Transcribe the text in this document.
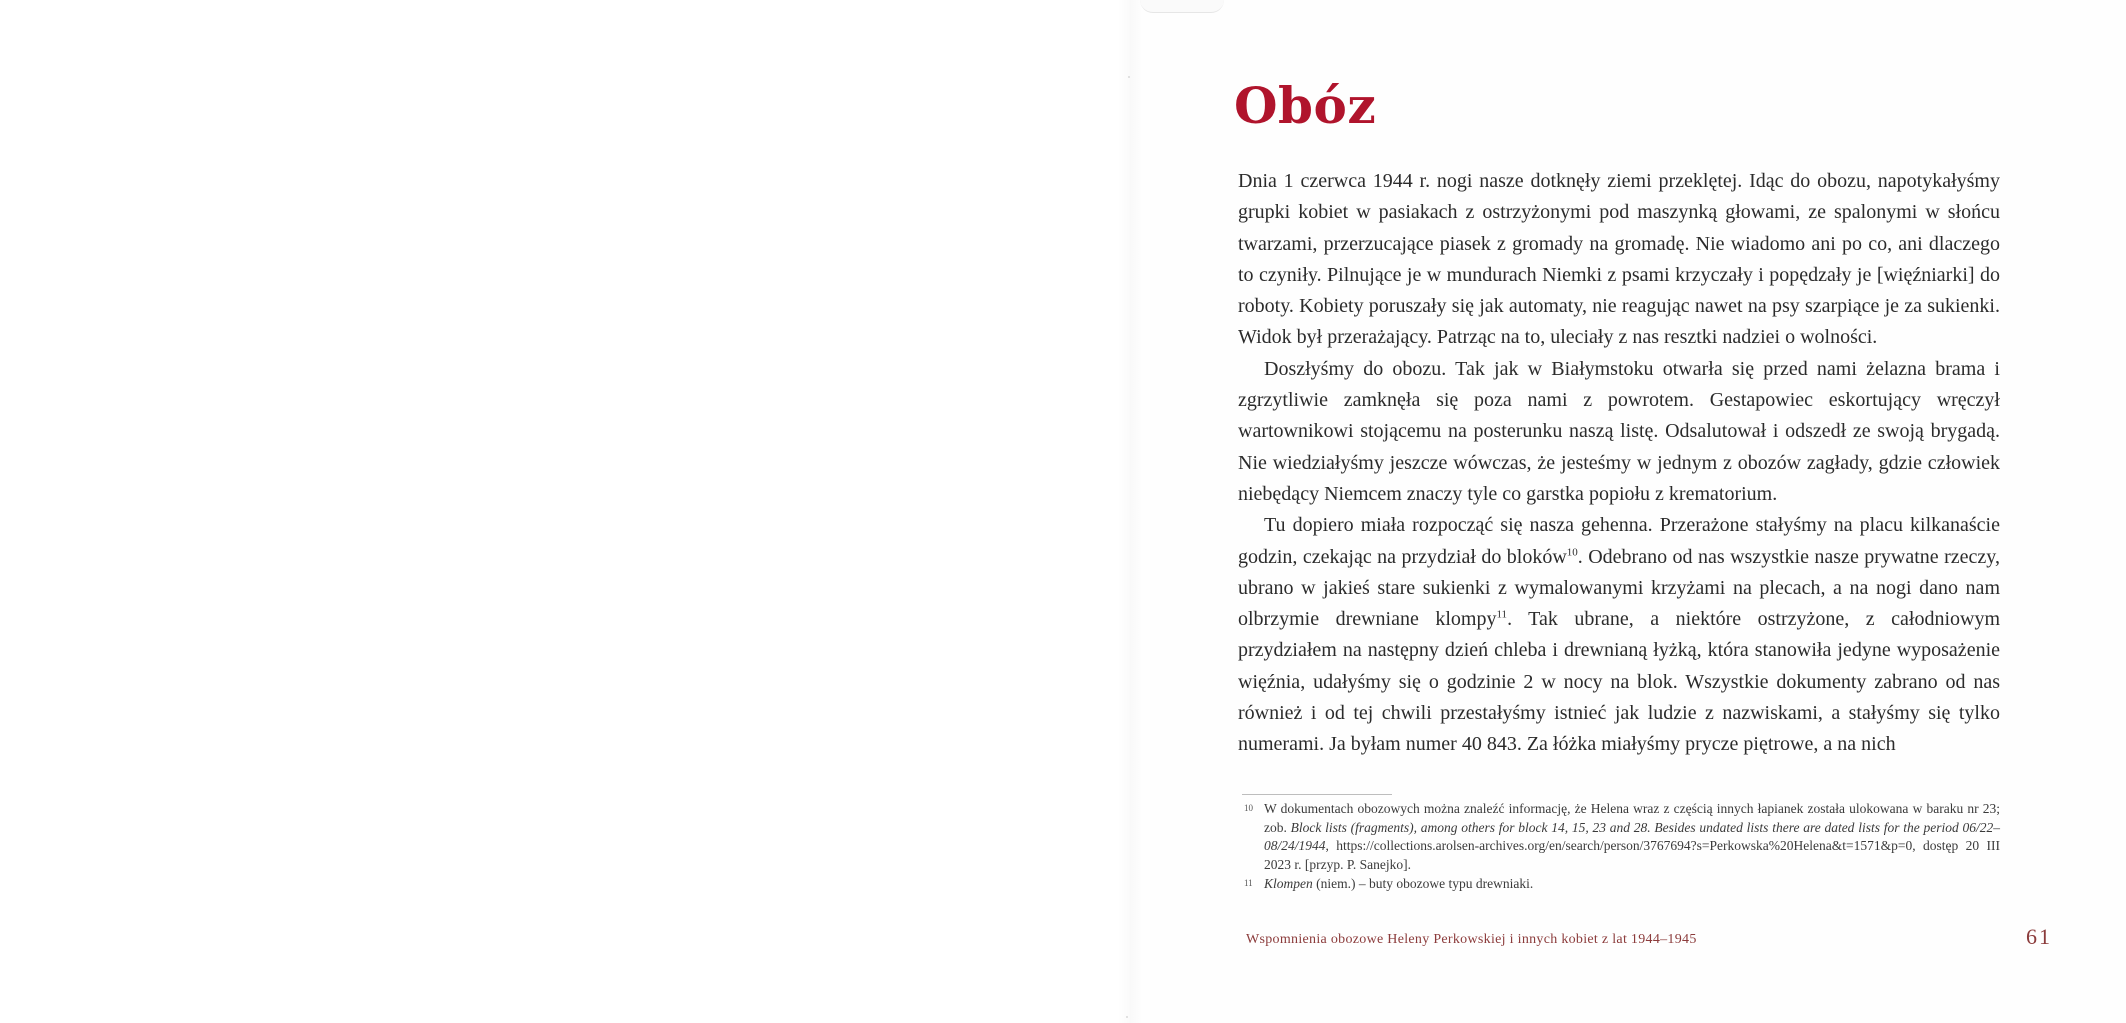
Obóz

Dnia 1 czerwca 1944 r. nogi nasze dotknęły ziemi przeklętej. Idąc do obozu, napotykałyśmy grupki kobiet w pasiakach z ostrzyżonymi pod maszynką głowami, ze spalonymi w słońcu twarzami, przerzucające piasek z gromady na gromadę. Nie wiadomo ani po co, ani dlaczego to czyniły. Pilnujące je w mundurach Niemki z psami krzyczały i popędzały je [więźniarki] do roboty. Kobiety poruszały się jak automaty, nie reagując nawet na psy szarpiące je za sukienki. Widok był przerażający. Patrząc na to, uleciały z nas resztki nadziei o wolności.

Doszłyśmy do obozu. Tak jak w Białymstoku otwarła się przed nami żelazna brama i zgrzytliwie zamknęła się poza nami z powrotem. Gestapowiec eskortujący wręczył wartownikowi stojącemu na posterunku naszą listę. Odsalutował i odszedł ze swoją brygadą. Nie wiedziałyśmy jeszcze wówczas, że jesteśmy w jednym z obozów zagłady, gdzie człowiek niebędący Niemcem znaczy tyle co garstka popiołu z krematorium.

Tu dopiero miała rozpocząć się nasza gehenna. Przerażone stałyśmy na placu kilkanaście godzin, czekając na przydział do bloków$^{10}$. Odebrano od nas wszystkie nasze prywatne rzeczy, ubrano w jakieś stare sukienki z wymalowanymi krzyżami na plecach, a na nogi dano nam olbrzymie drewniane klompy$^{11}$. Tak ubrane, a niektóre ostrzyżone, z całodniowym przydziałem na następny dzień chleba i drewnianą łyżką, która stanowiła jedyne wyposażenie więźnia, udałyśmy się o godzinie 2 w nocy na blok. Wszystkie dokumenty zabrano od nas również i od tej chwili przestałyśmy istnieć jak ludzie z nazwiskami, a stałyśmy się tylko numerami. Ja byłam numer 40 843. Za łóżka miałyśmy prycze piętrowe, a na nich

10 W dokumentach obozowych można znaleźć informację, że Helena wraz z częścią innych łapianek została ulokowana w baraku nr 23; zob. Block lists (fragments), among others for block 14, 15, 23 and 28. Besides undated lists there are dated lists for the period 06/22–08/24/1944, https://collections.arolsen-archives.org/en/search/person/3767694?s=Perkowska%20Helena&t=1571&p=0, dostęp 20 III 2023 r. [przyp. P. Sanejko].
11 Klompen (niem.) – buty obozowe typu drewniaki.
Wspomnienia obozowe Heleny Perkowskiej i innych kobiet z lat 1944–1945	61
